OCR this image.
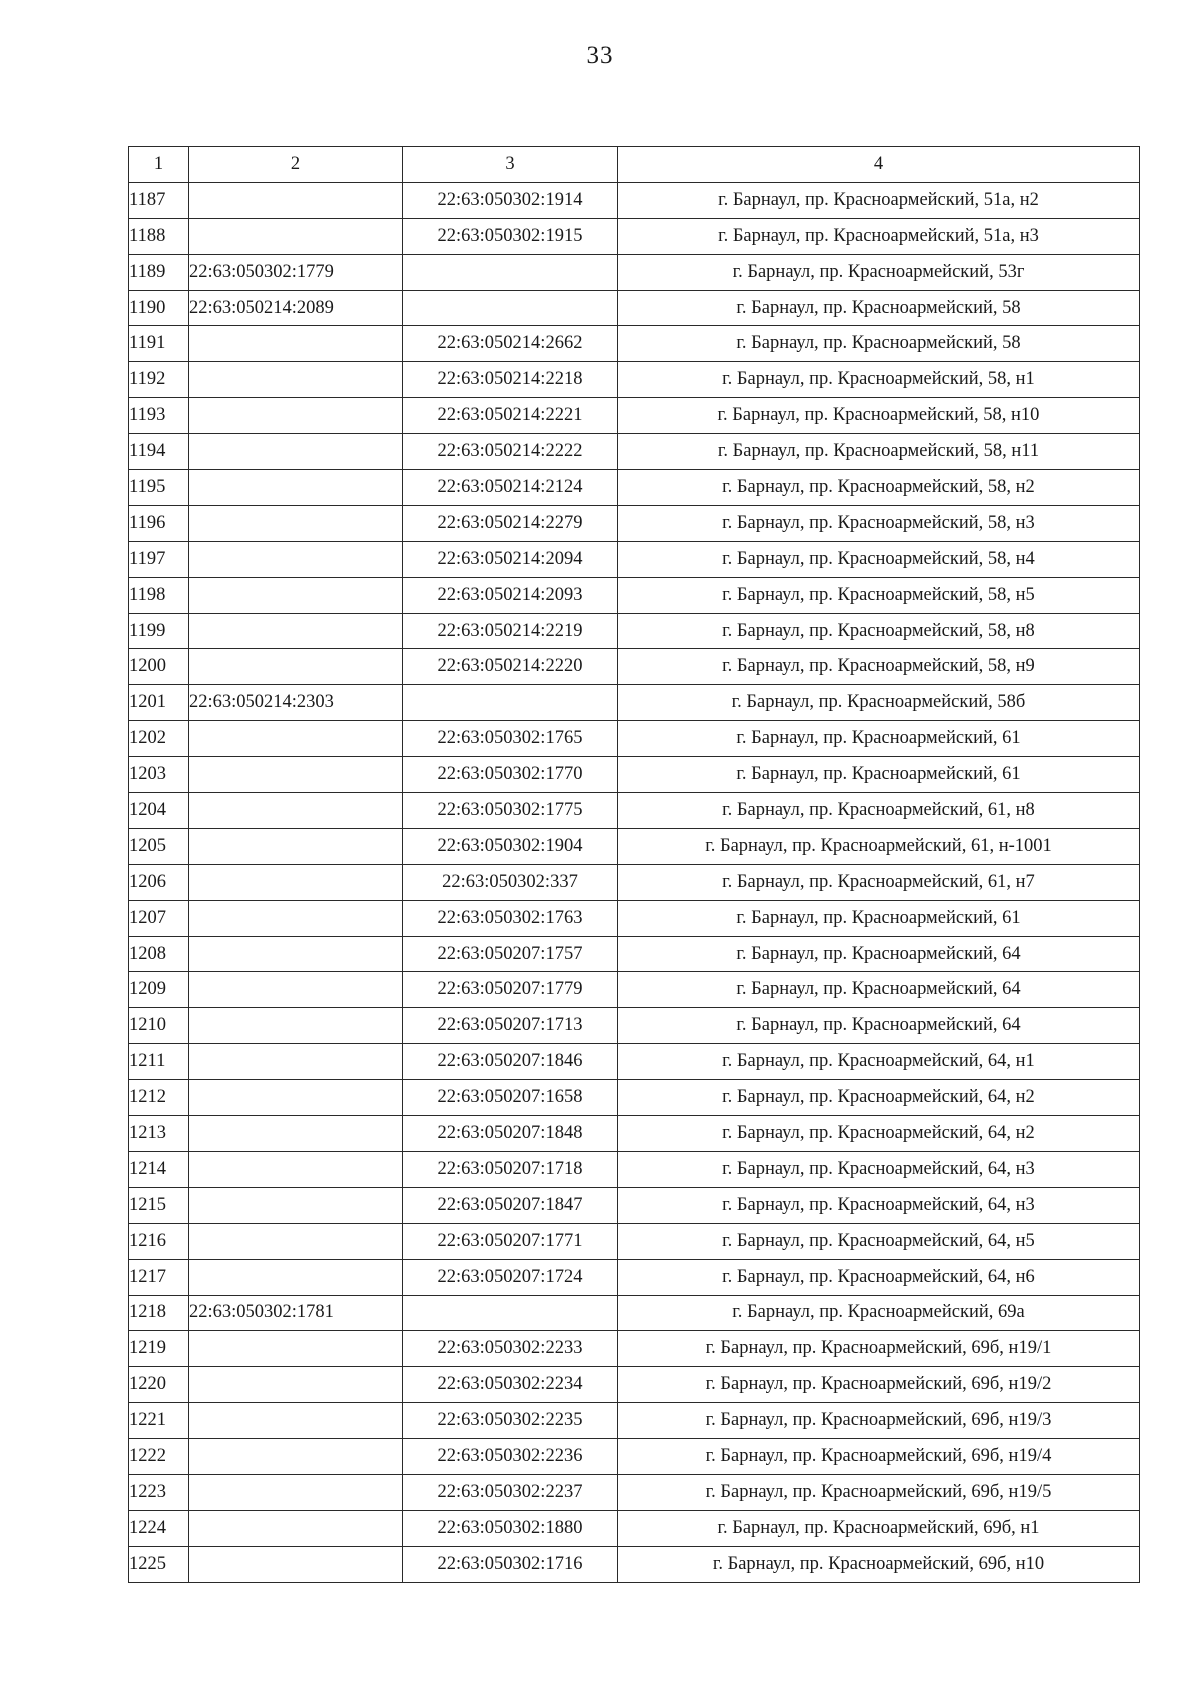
33
1	2	3	4
1187		22:63:050302:1914	г. Барнаул, пр. Красноармейский, 51а, н2
1188		22:63:050302:1915	г. Барнаул, пр. Красноармейский, 51а, н3
1189	22:63:050302:1779		г. Барнаул, пр. Красноармейский, 53г
1190	22:63:050214:2089		г. Барнаул, пр. Красноармейский, 58
1191		22:63:050214:2662	г. Барнаул, пр. Красноармейский, 58
1192		22:63:050214:2218	г. Барнаул, пр. Красноармейский, 58, н1
1193		22:63:050214:2221	г. Барнаул, пр. Красноармейский, 58, н10
1194		22:63:050214:2222	г. Барнаул, пр. Красноармейский, 58, н11
1195		22:63:050214:2124	г. Барнаул, пр. Красноармейский, 58, н2
1196		22:63:050214:2279	г. Барнаул, пр. Красноармейский, 58, н3
1197		22:63:050214:2094	г. Барнаул, пр. Красноармейский, 58, н4
1198		22:63:050214:2093	г. Барнаул, пр. Красноармейский, 58, н5
1199		22:63:050214:2219	г. Барнаул, пр. Красноармейский, 58, н8
1200		22:63:050214:2220	г. Барнаул, пр. Красноармейский, 58, н9
1201	22:63:050214:2303		г. Барнаул, пр. Красноармейский, 58б
1202		22:63:050302:1765	г. Барнаул, пр. Красноармейский, 61
1203		22:63:050302:1770	г. Барнаул, пр. Красноармейский, 61
1204		22:63:050302:1775	г. Барнаул, пр. Красноармейский, 61, н8
1205		22:63:050302:1904	г. Барнаул, пр. Красноармейский, 61, н-1001
1206		22:63:050302:337	г. Барнаул, пр. Красноармейский, 61, н7
1207		22:63:050302:1763	г. Барнаул, пр. Красноармейский, 61
1208		22:63:050207:1757	г. Барнаул, пр. Красноармейский, 64
1209		22:63:050207:1779	г. Барнаул, пр. Красноармейский, 64
1210		22:63:050207:1713	г. Барнаул, пр. Красноармейский, 64
1211		22:63:050207:1846	г. Барнаул, пр. Красноармейский, 64, н1
1212		22:63:050207:1658	г. Барнаул, пр. Красноармейский, 64, н2
1213		22:63:050207:1848	г. Барнаул, пр. Красноармейский, 64, н2
1214		22:63:050207:1718	г. Барнаул, пр. Красноармейский, 64, н3
1215		22:63:050207:1847	г. Барнаул, пр. Красноармейский, 64, н3
1216		22:63:050207:1771	г. Барнаул, пр. Красноармейский, 64, н5
1217		22:63:050207:1724	г. Барнаул, пр. Красноармейский, 64, н6
1218	22:63:050302:1781		г. Барнаул, пр. Красноармейский, 69а
1219		22:63:050302:2233	г. Барнаул, пр. Красноармейский, 69б, н19/1
1220		22:63:050302:2234	г. Барнаул, пр. Красноармейский, 69б, н19/2
1221		22:63:050302:2235	г. Барнаул, пр. Красноармейский, 69б, н19/3
1222		22:63:050302:2236	г. Барнаул, пр. Красноармейский, 69б, н19/4
1223		22:63:050302:2237	г. Барнаул, пр. Красноармейский, 69б, н19/5
1224		22:63:050302:1880	г. Барнаул, пр. Красноармейский, 69б, н1
1225		22:63:050302:1716	г. Барнаул, пр. Красноармейский, 69б, н10
